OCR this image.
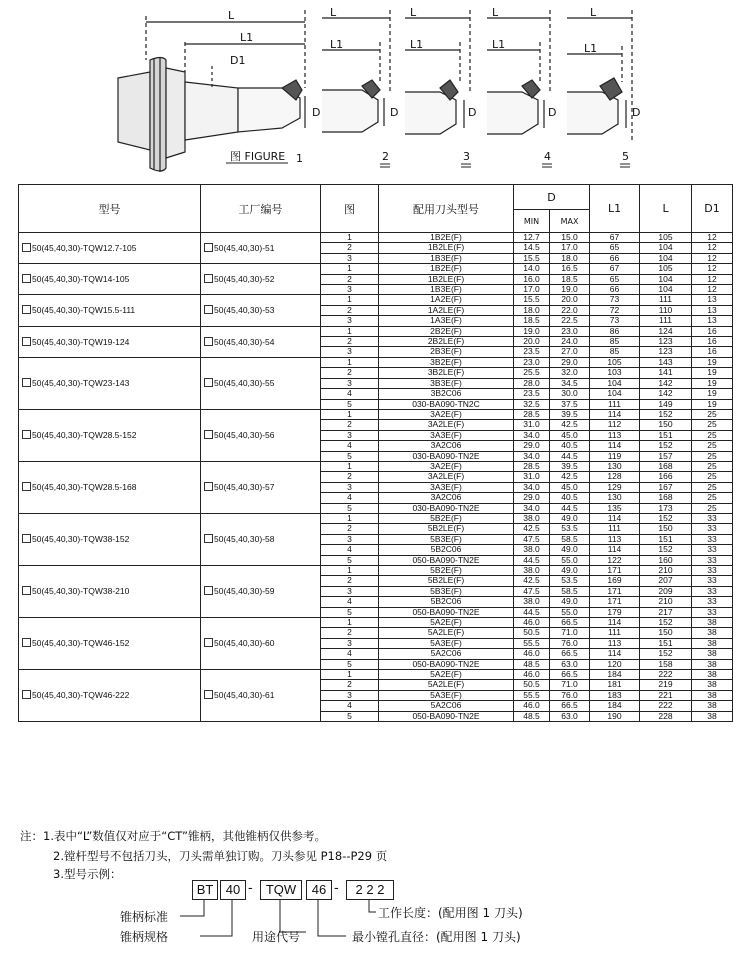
L
L1
D1
D
L
L1
D
L
L1
D
L
L1
D
L
L1
D
图 FIGURE 1	2	3	4	5
型号	工厂编号	图	配用刀头型号	D		L1	L	D1
				MIN	MAX			
50(45,40,30)-TQW12.7-105	50(45,40,30)-51	1	1B2E(F)	12.7	15.0	67	105	12
		2	1B2LE(F)	14.5	17.0	65	104	12
		3	1B3E(F)	15.5	18.0	66	104	12
50(45,40,30)-TQW14-105	50(45,40,30)-52	1	1B2E(F)	14.0	16.5	67	105	12
		2	1B2LE(F)	16.0	18.5	65	104	12
		3	1B3E(F)	17.0	19.0	66	104	12
50(45,40,30)-TQW15.5-111	50(45,40,30)-53	1	1A2E(F)	15.5	20.0	73	111	13
		2	1A2LE(F)	18.0	22.0	72	110	13
		3	1A3E(F)	18.5	22.5	73	111	13
50(45,40,30)-TQW19-124	50(45,40,30)-54	1	2B2E(F)	19.0	23.0	86	124	16
		2	2B2LE(F)	20.0	24.0	85	123	16
		3	2B3E(F)	23.5	27.0	85	123	16
50(45,40,30)-TQW23-143	50(45,40,30)-55	1	3B2E(F)	23.0	29.0	105	143	19
		2	3B2LE(F)	25.5	32.0	103	141	19
		3	3B3E(F)	28.0	34.5	104	142	19
		4	3B2C06	23.5	30.0	104	142	19
		5	030-BA090-TN2C	32.5	37.5	111	149	19
50(45,40,30)-TQW28.5-152	50(45,40,30)-56	1	3A2E(F)	28.5	39.5	114	152	25
		2	3A2LE(F)	31.0	42.5	112	150	25
		3	3A3E(F)	34.0	45.0	113	151	25
		4	3A2C06	29.0	40.5	114	152	25
		5	030-BA090-TN2E	34.0	44.5	119	157	25
50(45,40,30)-TQW28.5-168	50(45,40,30)-57	1	3A2E(F)	28.5	39.5	130	168	25
		2	3A2LE(F)	31.0	42.5	128	166	25
		3	3A3E(F)	34.0	45.0	129	167	25
		4	3A2C06	29.0	40.5	130	168	25
		5	030-BA090-TN2E	34.0	44.5	135	173	25
50(45,40,30)-TQW38-152	50(45,40,30)-58	1	5B2E(F)	38.0	49.0	114	152	33
		2	5B2LE(F)	42.5	53.5	111	150	33
		3	5B3E(F)	47.5	58.5	113	151	33
		4	5B2C06	38.0	49.0	114	152	33
		5	050-BA090-TN2E	44.5	55.0	122	160	33
50(45,40,30)-TQW38-210	50(45,40,30)-59	1	5B2E(F)	38.0	49.0	171	210	33
		2	5B2LE(F)	42.5	53.5	169	207	33
		3	5B3E(F)	47.5	58.5	171	209	33
		4	5B2C06	38.0	49.0	171	210	33
		5	050-BA090-TN2E	44.5	55.0	179	217	33
50(45,40,30)-TQW46-152	50(45,40,30)-60	1	5A2E(F)	46.0	66.5	114	152	38
		2	5A2LE(F)	50.5	71.0	111	150	38
		3	5A3E(F)	55.5	76.0	113	151	38
		4	5A2C06	46.0	66.5	114	152	38
		5	050-BA090-TN2E	48.5	63.0	120	158	38
50(45,40,30)-TQW46-222	50(45,40,30)-61	1	5A2E(F)	46.0	66.5	184	222	38
		2	5A2LE(F)	50.5	71.0	181	219	38
		3	5A3E(F)	55.5	76.0	183	221	38
		4	5A2C06	46.0	66.5	184	222	38
		5	050-BA090-TN2E	48.5	63.0	190	228	38
注：1.表中“L”数值仅对应于“CT”锥柄，其他锥柄仅供参考。
2.镗杆型号不包括刀头，刀头需单独订购。刀头参见 P18--P29 页
3.型号示例：
BT 40 -	TQW	46 -	2 2 2
锥柄标准
锥柄规格	用途代号	最小镗孔直径：(配用图 1 刀头)
工作长度：(配用图 1 刀头)
